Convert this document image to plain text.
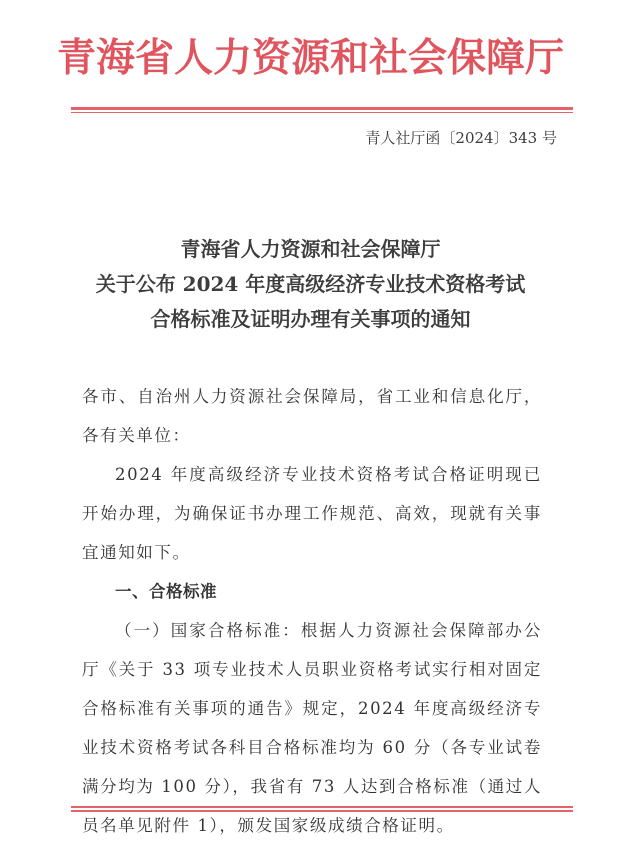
青海省人力资源和社会保障厅
青人社厅函〔2024〕343 号
青海省人力资源和社会保障厅
关于公布 2024 年度高级经济专业技术资格考试
合格标准及证明办理有关事项的通知

各市、自治州人力资源社会保障局，省工业和信息化厅，各有关单位：

2024 年度高级经济专业技术资格考试合格证明现已开始办理，为确保证书办理工作规范、高效，现就有关事宜通知如下。

一、合格标准

（一）国家合格标准：根据人力资源社会保障部办公厅《关于 33 项专业技术人员职业资格考试实行相对固定合格标准有关事项的通告》规定，2024 年度高级经济专业技术资格考试各科目合格标准均为 60 分（各专业试卷满分均为 100 分），我省有 73 人达到合格标准（通过人员名单见附件 1），颁发国家级成绩合格证明。
